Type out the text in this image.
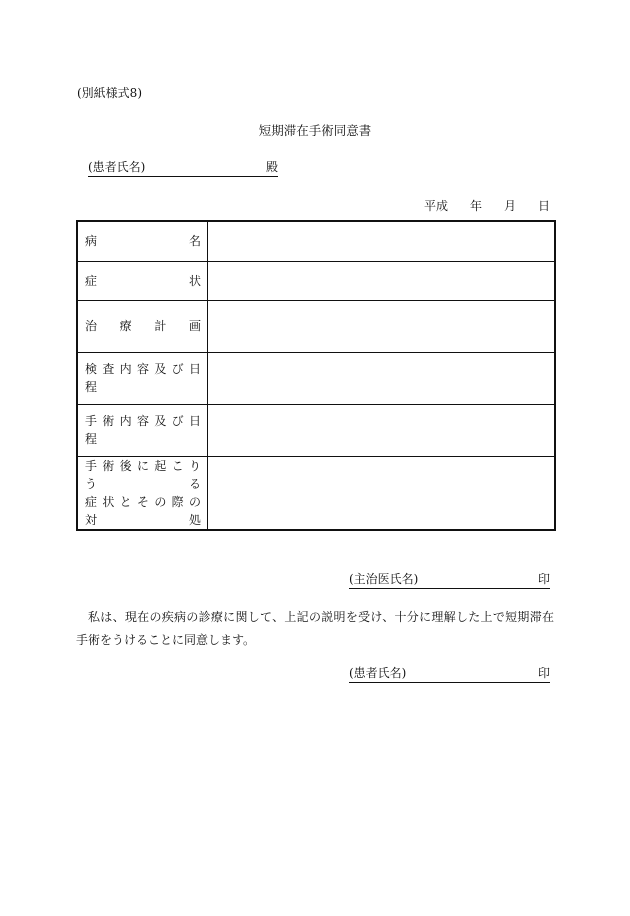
(別紙様式8)
短期滞在手術同意書
(患者氏名)	殿
平成 年 月 日
病 名	
症 状	
治 療 計 画	
検 査 内 容 及 び 日 程	
手 術 内 容 及 び 日 程	

手 術 後 に 起 こ り う る
症 状 と そ の 際 の 対 処	

(主治医氏名)	印
私は、現在の疾病の診療に関して、上記の説明を受け、十分に理解した上で短期滞在手術をうけることに同意します。
(患者氏名)	印
